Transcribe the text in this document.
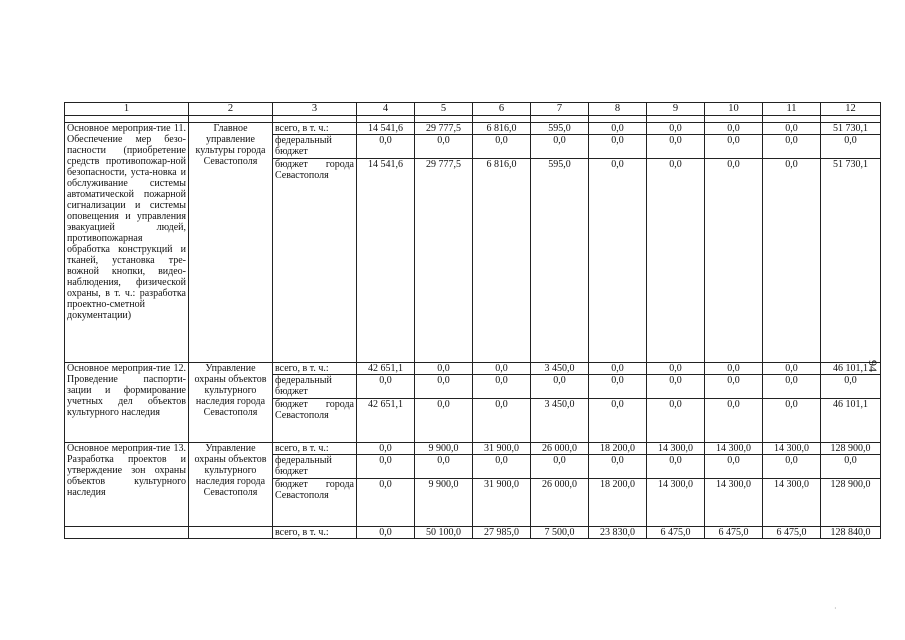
1	2	3	4	5	6	7	8	9	10	11	12

Основное мероприя-тие 11. Обеспечение мер безо-пасности (приобретение средств противопожар-ной безопасности, уста-новка и обслуживание системы автоматической пожарной сигнализации и системы оповещения и управления эвакуацией людей, противопожарная обработка конструкций и тканей, установка тре-вожной кнопки, видео-наблюдения, физической охраны, в т. ч.: разработка проектно-сметной документации)	Главное управление культуры города Севастополя	всего, в т. ч.:	14 541,6	29 777,5	6 816,0	595,0	0,0	0,0	0,0	0,0	51 730,1
		федеральный бюджет	0,0	0,0	0,0	0,0	0,0	0,0	0,0	0,0	0,0
		бюджет города Севастополя	14 541,6	29 777,5	6 816,0	595,0	0,0	0,0	0,0	0,0	51 730,1
Основное мероприя-тие 12. Проведение паспорти-зации и формирование учетных дел объектов культурного наследия	Управление охраны объектов культурного наследия города Севастополя	всего, в т. ч.:	42 651,1	0,0	0,0	3 450,0	0,0	0,0	0,0	0,0	46 101,1
		федеральный бюджет	0,0	0,0	0,0	0,0	0,0	0,0	0,0	0,0	0,0
		бюджет города Севастополя	42 651,1	0,0	0,0	3 450,0	0,0	0,0	0,0	0,0	46 101,1
Основное мероприя-тие 13. Разработка проектов и утверждение зон охраны объектов культурного наследия	Управление охраны объектов культурного наследия города Севастополя	всего, в т. ч.:	0,0	9 900,0	31 900,0	26 000,0	18 200,0	14 300,0	14 300,0	14 300,0	128 900,0
		федеральный бюджет	0,0	0,0	0,0	0,0	0,0	0,0	0,0	0,0	0,0
		бюджет города Севастополя	0,0	9 900,0	31 900,0	26 000,0	18 200,0	14 300,0	14 300,0	14 300,0	128 900,0
		всего, в т. ч.:	0,0	50 100,0	27 985,0	7 500,0	23 830,0	6 475,0	6 475,0	6 475,0	128 840,0
94
·
